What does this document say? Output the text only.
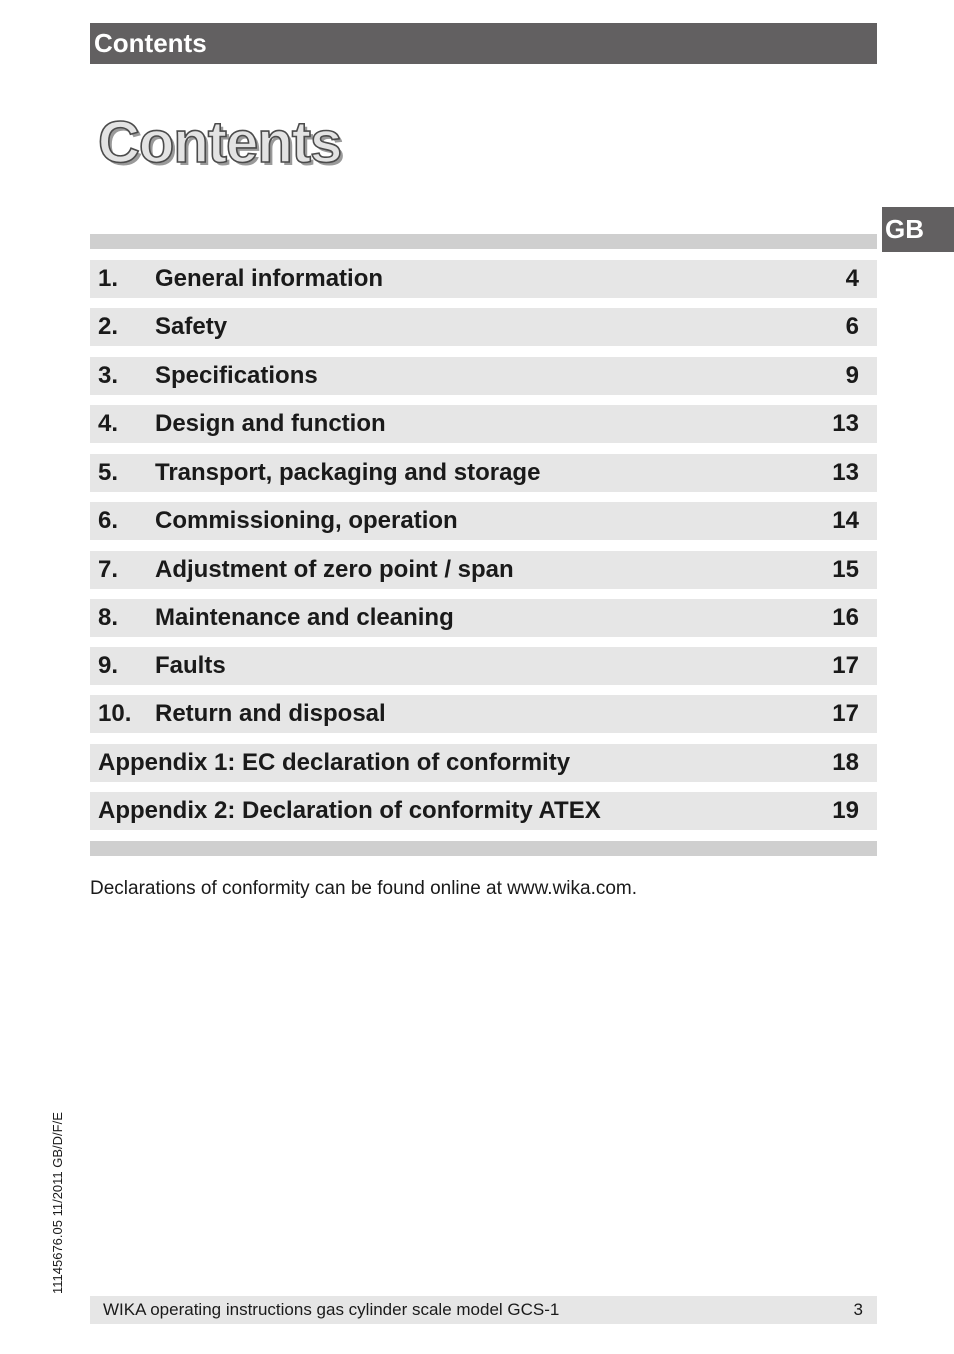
Contents
Contents
GB
1. General information	4
2. Safety	6
3. Specifications	9
4. Design and function	13
5. Transport, packaging and storage	13
6. Commissioning, operation	14
7. Adjustment of zero point / span	15
8. Maintenance and cleaning	16
9. Faults	17
10. Return and disposal	17
Appendix 1: EC declaration of conformity	18
Appendix 2: Declaration of conformity ATEX	19
Declarations of conformity can be found online at www.wika.com.
11145676.05 11/2011 GB/D/F/E
WIKA operating instructions gas cylinder scale model GCS-1	3
